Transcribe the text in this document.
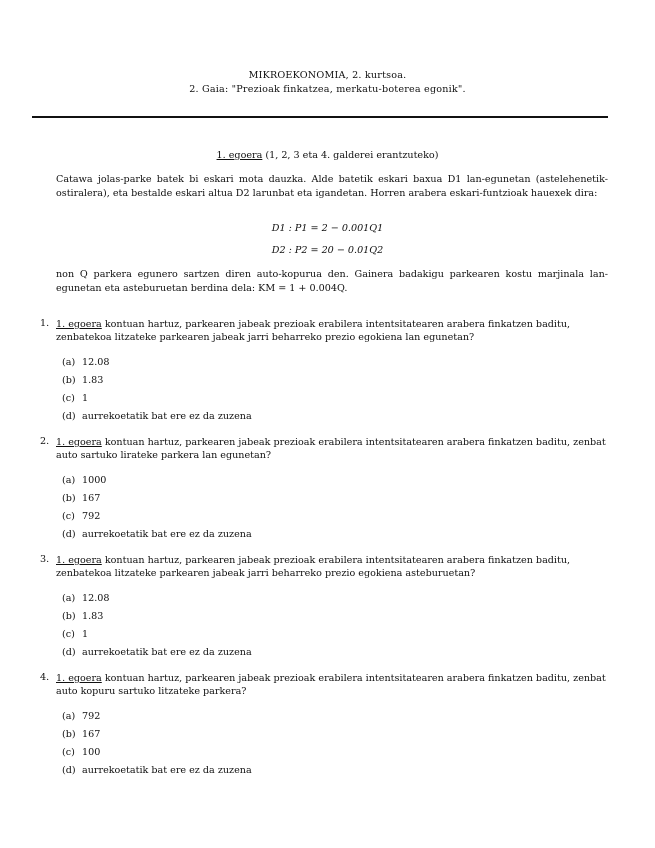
MIKROEKONOMIA, 2. kurtsoa.
2. Gaia: "Prezioak finkatzea, merkatu-boterea egonik".
1. egoera (1, 2, 3 eta 4. galderei erantzuteko)
Catawa jolas-parke batek bi eskari mota dauzka. Alde batetik eskari baxua D1 lan-egunetan (astelehenetik-ostiralera), eta bestalde eskari altua D2 larunbat eta igandetan. Horren arabera eskari-funtzioak hauexek dira:
D1 : P1 = 2 − 0.001Q1
D2 : P2 = 20 − 0.01Q2
non Q parkera egunero sartzen diren auto-kopurua den. Gainera badakigu parkearen kostu marjinala lan-egunetan eta asteburuetan berdina dela: KM = 1 + 0.004Q.
1. 1. egoera kontuan hartuz, parkearen jabeak prezioak erabilera intentsitatearen arabera finkatzen baditu, zenbatekoa litzateke parkearen jabeak jarri beharreko prezio egokiena lan egunetan?
(a) 12.08
(b) 1.83
(c) 1
(d) aurrekoetatik bat ere ez da zuzena
2. 1. egoera kontuan hartuz, parkearen jabeak prezioak erabilera intentsitatearen arabera finkatzen baditu, zenbat auto sartuko lirateke parkera lan egunetan?
(a) 1000
(b) 167
(c) 792
(d) aurrekoetatik bat ere ez da zuzena
3. 1. egoera kontuan hartuz, parkearen jabeak prezioak erabilera intentsitatearen arabera finkatzen baditu, zenbatekoa litzateke parkearen jabeak jarri beharreko prezio egokiena asteburuetan?
(a) 12.08
(b) 1.83
(c) 1
(d) aurrekoetatik bat ere ez da zuzena
4. 1. egoera kontuan hartuz, parkearen jabeak prezioak erabilera intentsitatearen arabera finkatzen baditu, zenbat auto kopuru sartuko litzateke parkera?
(a) 792
(b) 167
(c) 100
(d) aurrekoetatik bat ere ez da zuzena
